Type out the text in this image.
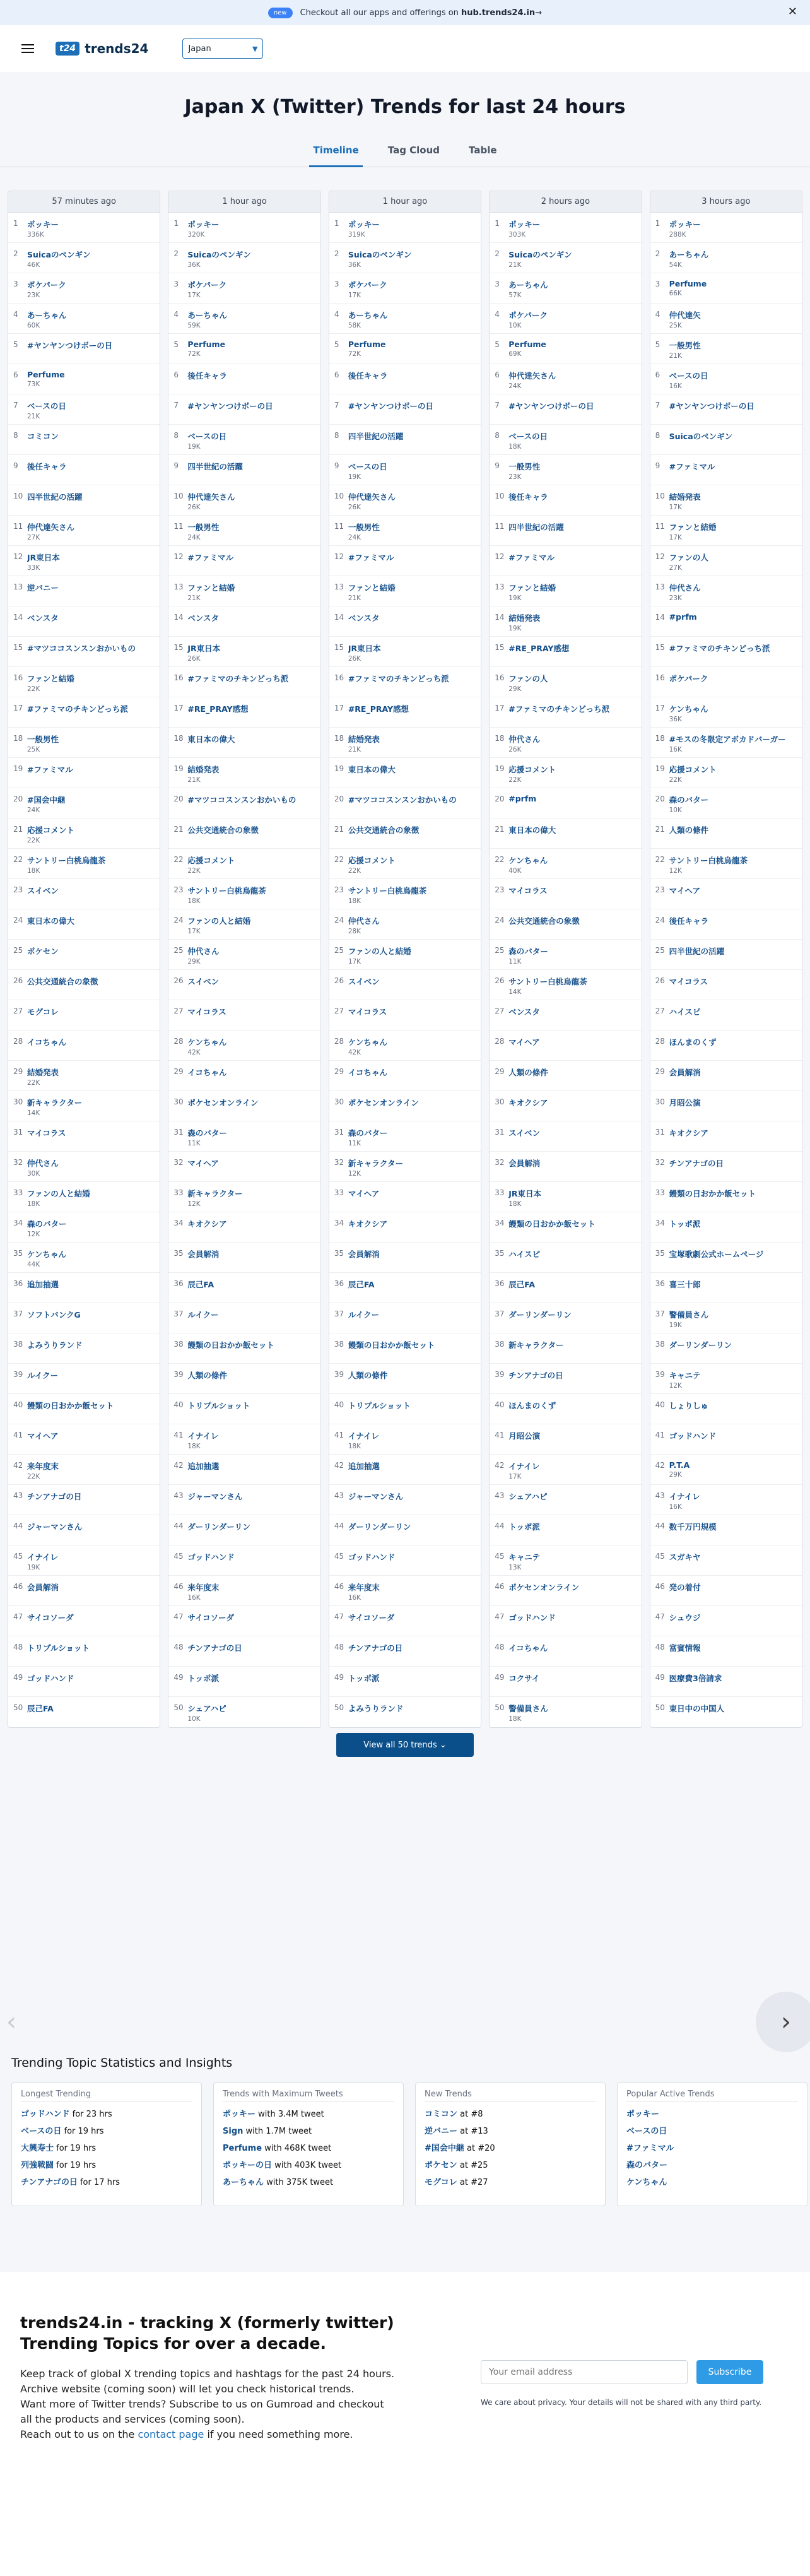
new	Checkout all our apps and offerings on hub.trends24.in →	✕
t24 trends24	Japan	▼
Japan X (Twitter) Trends for last 24 hours
Timeline	Tag Cloud	Table
57 minutes ago
1	ポッキー
336K
2	Suicaのペンギン
46K
3	ポケパーク
23K
4	あーちゃん
60K
5	#ヤンヤンつけボーの日
6	Perfume
73K
7	ベースの日
21K
8	コミコン
9	後任キャラ
10 四半世紀の活躍
11 仲代達矢さん
27K
12 JR東日本
33K
13 逆バニー
14 ベンスタ
15 #マツココスンスンおかいもの
16 ファンと結婚
22K
17 #ファミマのチキンどっち派
18 一般男性
25K
19 #ファミマル
20 #国会中継
24K
21 応援コメント
22K
22 サントリー白桃烏龍茶
18K
23 スイベン
24 東日本の偉大
25 ポケセン
26 公共交通統合の象徴
27 モグコレ
28 イコちゃん
29 結婚発表
22K
30 新キャラクター
14K
31 マイコラス
32 仲代さん
30K
33 ファンの人と結婚
18K
34 森のバター
12K
35 ケンちゃん
44K
36 追加抽選
37 ソフトバンクG
38 よみうりランド
39 ルイクー
40 饅類の日おかか飯セット
41 マイヘア
42 来年度末
22K
43 チンアナゴの日
44 ジャーマンさん
45 イナイレ
19K
46 会員解消
47 サイコソーダ
48 トリプルショット
49 ゴッドハンド
50 辰己FA
1 hour ago
1	ポッキー
320K
2	Suicaのペンギン
36K
3	ポケパーク
17K
4	あーちゃん
59K
5	Perfume
72K
6	後任キャラ
7	#ヤンヤンつけボーの日
8	ベースの日
19K
9	四半世紀の活躍
10 仲代達矢さん
26K
11 一般男性
24K
12 #ファミマル
13 ファンと結婚
21K
14 ベンスタ
15 JR東日本
26K
16 #ファミマのチキンどっち派
17 #RE_PRAY感想
18 東日本の偉大
19 結婚発表
21K
20 #マツココスンスンおかいもの
21 公共交通統合の象徴
22 応援コメント
22K
23 サントリー白桃烏龍茶
18K
24 ファンの人と結婚
17K
25 仲代さん
29K
26 スイベン
27 マイコラス
28 ケンちゃん
42K
29 イコちゃん
30 ポケセンオンライン
31 森のバター
11K
32 マイヘア
33 新キャラクター
12K
34 キオクシア
35 会員解消
36 辰己FA
37 ルイクー
38 饅類の日おかか飯セット
39 人類の條件
40 トリプルショット
41 イナイレ
18K
42 追加抽選
43 ジャーマンさん
44 ダーリンダーリン
45 ゴッドハンド
46 来年度末
16K
47 サイコソーダ
48 チンアナゴの日
49 トッポ派
50 シェアハピ
10K
1 hour ago
1	ポッキー
319K
2	Suicaのペンギン
36K
3	ポケパーク
17K
4	あーちゃん
58K
5	Perfume
72K
6	後任キャラ
7	#ヤンヤンつけボーの日
8	四半世紀の活躍
9	ベースの日
19K
10 仲代達矢さん
26K
11 一般男性
24K
12 #ファミマル
13 ファンと結婚
21K
14 ベンスタ
15 JR東日本
26K
16 #ファミマのチキンどっち派
17 #RE_PRAY感想
18 結婚発表
21K
19 東日本の偉大
20 #マツココスンスンおかいもの
21 公共交通統合の象徴
22 応援コメント
22K
23 サントリー白桃烏龍茶
18K
24 仲代さん
28K
25 ファンの人と結婚
17K
26 スイベン
27 マイコラス
28 ケンちゃん
42K
29 イコちゃん
30 ポケセンオンライン
31 森のバター
11K
32 新キャラクター
12K
33 マイヘア
34 キオクシア
35 会員解消
36 辰己FA
37 ルイクー
38 饅類の日おかか飯セット
39 人類の條件
40 トリプルショット
41 イナイレ
18K
42 追加抽選
43 ジャーマンさん
44 ダーリンダーリン
45 ゴッドハンド
46 来年度末
16K
47 サイコソーダ
48 チンアナゴの日
49 トッポ派
50 よみうりランド
2 hours ago
1	ポッキー
303K
2	Suicaのペンギン
21K
3	あーちゃん
57K
4	ポケパーク
10K
5	Perfume
69K
6	仲代達矢さん
24K
7	#ヤンヤンつけボーの日
8	ベースの日
18K
9	一般男性
23K
10 後任キャラ
11 四半世紀の活躍
12 #ファミマル
13 ファンと結婚
19K
14 結婚発表
19K
15 #RE_PRAY感想
16 ファンの人
29K
17 #ファミマのチキンどっち派
18 仲代さん
26K
19 応援コメント
22K
20 #prfm
21 東日本の偉大
22 ケンちゃん
40K
23 マイコラス
24 公共交通統合の象徴
25 森のバター
11K
26 サントリー白桃烏龍茶
14K
27 ベンスタ
28 マイヘア
29 人類の條件
30 キオクシア
31 スイベン
32 会員解消
33 JR東日本
18K
34 饅類の日おかか飯セット
35 ハイスピ
36 辰己FA
37 ダーリンダーリン
38 新キャラクター
39 チンアナゴの日
40 ほんまのくず
41 月昭公演
42 イナイレ
17K
43 シェアハピ
44 トッポ派
45 キャニテ
13K
46 ポケセンオンライン
47 ゴッドハンド
48 イコちゃん
49 コクサイ
50 警備員さん
18K
3 hours ago
1	ポッキー
288K
2	あーちゃん
54K
3	Perfume
66K
4	仲代達矢
25K
5	一般男性
21K
6	ベースの日
16K
7	#ヤンヤンつけボーの日
8	Suicaのペンギン
9	#ファミマル
10 結婚発表
17K
11 ファンと結婚
17K
12 ファンの人
27K
13 仲代さん
23K
14 #prfm
15 #ファミマのチキンどっち派
16 ポケパーク
17 ケンちゃん
36K
18 #モスの冬限定アボカドバーガー
16K
19 応援コメント
22K
20 森のバター
10K
21 人類の條件
22 サントリー白桃烏龍茶
12K
23 マイヘア
24 後任キャラ
25 四半世紀の活躍
26 マイコラス
27 ハイスピ
28 ほんまのくず
29 会員解消
30 月昭公演
31 キオクシア
32 チンアナゴの日
33 饅類の日おかか飯セット
34 トッポ派
35 宝塚歌劇公式ホームページ
36 喜三十郎
37 警備員さん
19K
38 ダーリンダーリン
39 キャニテ
12K
40 しょりしゅ
41 ゴッドハンド
42 P.T.A
29K
43 イナイレ
16K
44 数千万円規模
45 スガキヤ
46 発の着付
47 シュウジ
48 富賓情報
49 医療費3倍請求
50 東日中の中国人
View all 50 trends ⌄
‹	›
Trending Topic Statistics and Insights
Longest Trending
ゴッドハンド for 23 hrs
ベースの日 for 19 hrs
大興寿士 for 19 hrs
列強戦闘 for 19 hrs
チンアナゴの日 for 17 hrs
Trends with Maximum Tweets
ポッキー with 3.4M tweet
Sign with 1.7M tweet
Perfume with 468K tweet
ポッキーの日 with 403K tweet
あーちゃん with 375K tweet
New Trends
コミコン at #8
逆バニー at #13
#国会中継 at #20
ポケセン at #25
モグコレ at #27
Popular Active Trends
ポッキー
ベースの日
#ファミマル
森のバター
ケンちゃん
trends24.in - tracking X (formerly twitter) Trending Topics for over a decade.
Keep track of global X trending topics and hashtags for the past 24 hours.
Archive website (coming soon) will let you check historical trends.
Want more of Twitter trends? Subscribe to us on Gumroad and checkout all the products and services (coming soon).
Reach out to us on the contact page if you need something more.
Your email address
Subscribe
We care about privacy. Your details will not be shared with any third party.
